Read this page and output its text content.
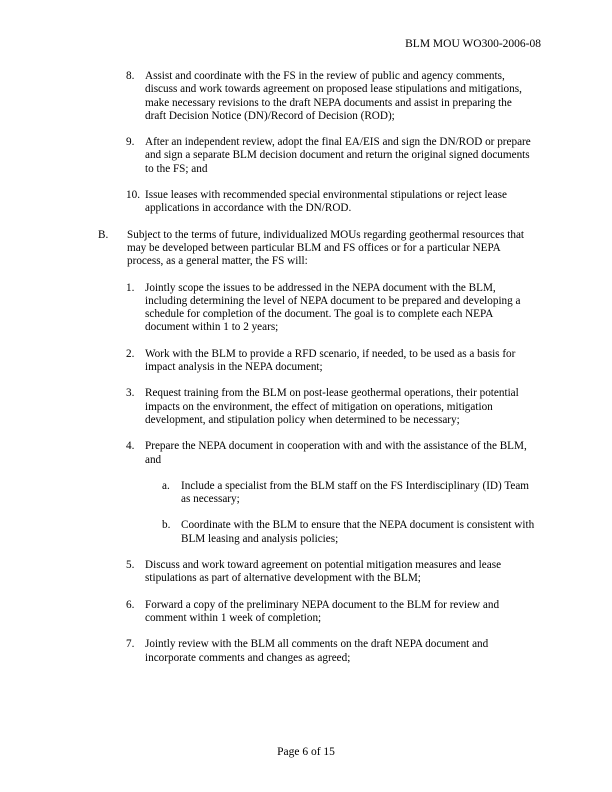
BLM MOU WO300-2006-08
8. Assist and coordinate with the FS in the review of public and agency comments, discuss and work towards agreement on proposed lease stipulations and mitigations, make necessary revisions to the draft NEPA documents and assist in preparing the draft Decision Notice (DN)/Record of Decision (ROD);
9. After an independent review, adopt the final EA/EIS and sign the DN/ROD or prepare and sign a separate BLM decision document and return the original signed documents to the FS; and
10. Issue leases with recommended special environmental stipulations or reject lease applications in accordance with the DN/ROD.
B. Subject to the terms of future, individualized MOUs regarding geothermal resources that may be developed between particular BLM and FS offices or for a particular NEPA process, as a general matter, the FS will:
1. Jointly scope the issues to be addressed in the NEPA document with the BLM, including determining the level of NEPA document to be prepared and developing a schedule for completion of the document. The goal is to complete each NEPA document within 1 to 2 years;
2. Work with the BLM to provide a RFD scenario, if needed, to be used as a basis for impact analysis in the NEPA document;
3. Request training from the BLM on post-lease geothermal operations, their potential impacts on the environment, the effect of mitigation on operations, mitigation development, and stipulation policy when determined to be necessary;
4. Prepare the NEPA document in cooperation with and with the assistance of the BLM, and
a. Include a specialist from the BLM staff on the FS Interdisciplinary (ID) Team as necessary;
b. Coordinate with the BLM to ensure that the NEPA document is consistent with BLM leasing and analysis policies;
5. Discuss and work toward agreement on potential mitigation measures and lease stipulations as part of alternative development with the BLM;
6. Forward a copy of the preliminary NEPA document to the BLM for review and comment within 1 week of completion;
7. Jointly review with the BLM all comments on the draft NEPA document and incorporate comments and changes as agreed;
Page 6 of 15
